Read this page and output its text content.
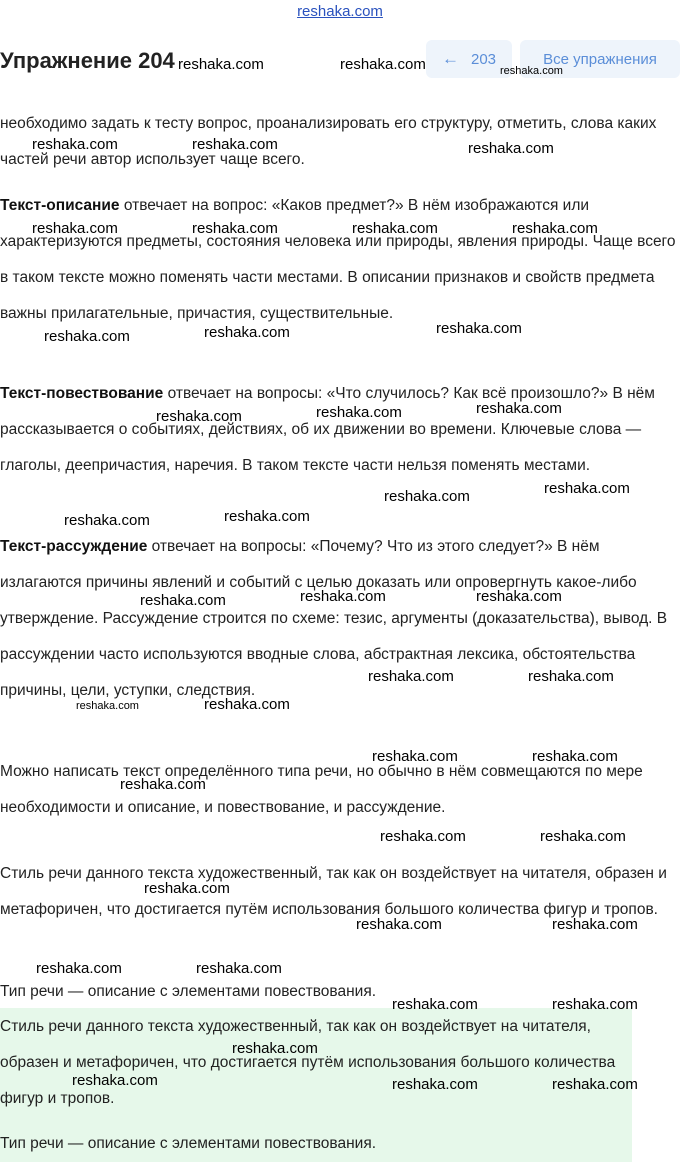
reshaka.com
Упражнение 204	← 203	Все упражнения

необходимо задать к тесту вопрос, проанализировать его структуру, отметить, слова каких частей речи автор использует чаще всего.

Текст-описание отвечает на вопрос: «Каков предмет?» В нём изображаются или характеризуются предметы, состояния человека или природы, явления природы. Чаще всего в таком тексте можно поменять части местами. В описании признаков и свойств предмета важны прилагательные, причастия, существительные.

Текст-повествование отвечает на вопросы: «Что случилось? Как всё произошло?» В нём рассказывается о событиях, действиях, об их движении во времени. Ключевые слова — глаголы, деепричастия, наречия. В таком тексте части нельзя поменять местами.

Текст-рассуждение отвечает на вопросы: «Почему? Что из этого следует?» В нём излагаются причины явлений и событий с целью доказать или опровергнуть какое-либо утверждение. Рассуждение строится по схеме: тезис, аргументы (доказательства), вывод. В рассуждении часто используются вводные слова, абстрактная лексика, обстоятельства причины, цели, уступки, следствия.

Можно написать текст определённого типа речи, но обычно в нём совмещаются по мере необходимости и описание, и повествование, и рассуждение.

Стиль речи данного текста художественный, так как он воздействует на читателя, образен и метафоричен, что достигается путём использования большого количества фигур и тропов.

Тип речи — описание с элементами повествования.

Стиль речи данного текста художественный, так как он воздействует на читателя, образен и метафоричен, что достигается путём использования большого количества фигур и тропов.

Тип речи — описание с элементами повествования.

reshaka.com	reshaka.com	reshaka.com
reshaka.com	reshaka.com	reshaka.com
reshaka.com	reshaka.com	reshaka.com	reshaka.com
reshaka.com	reshaka.com	reshaka.com
reshaka.com	reshaka.com	reshaka.com
reshaka.com	reshaka.com
reshaka.com	reshaka.com
reshaka.com	reshaka.com	reshaka.com
reshaka.com	reshaka.com
reshaka.com	reshaka.com
reshaka.com	reshaka.com
reshaka.com
reshaka.com	reshaka.com
reshaka.com
reshaka.com	reshaka.com
reshaka.com	reshaka.com
reshaka.com	reshaka.com
reshaka.com
reshaka.com	reshaka.com	reshaka.com
